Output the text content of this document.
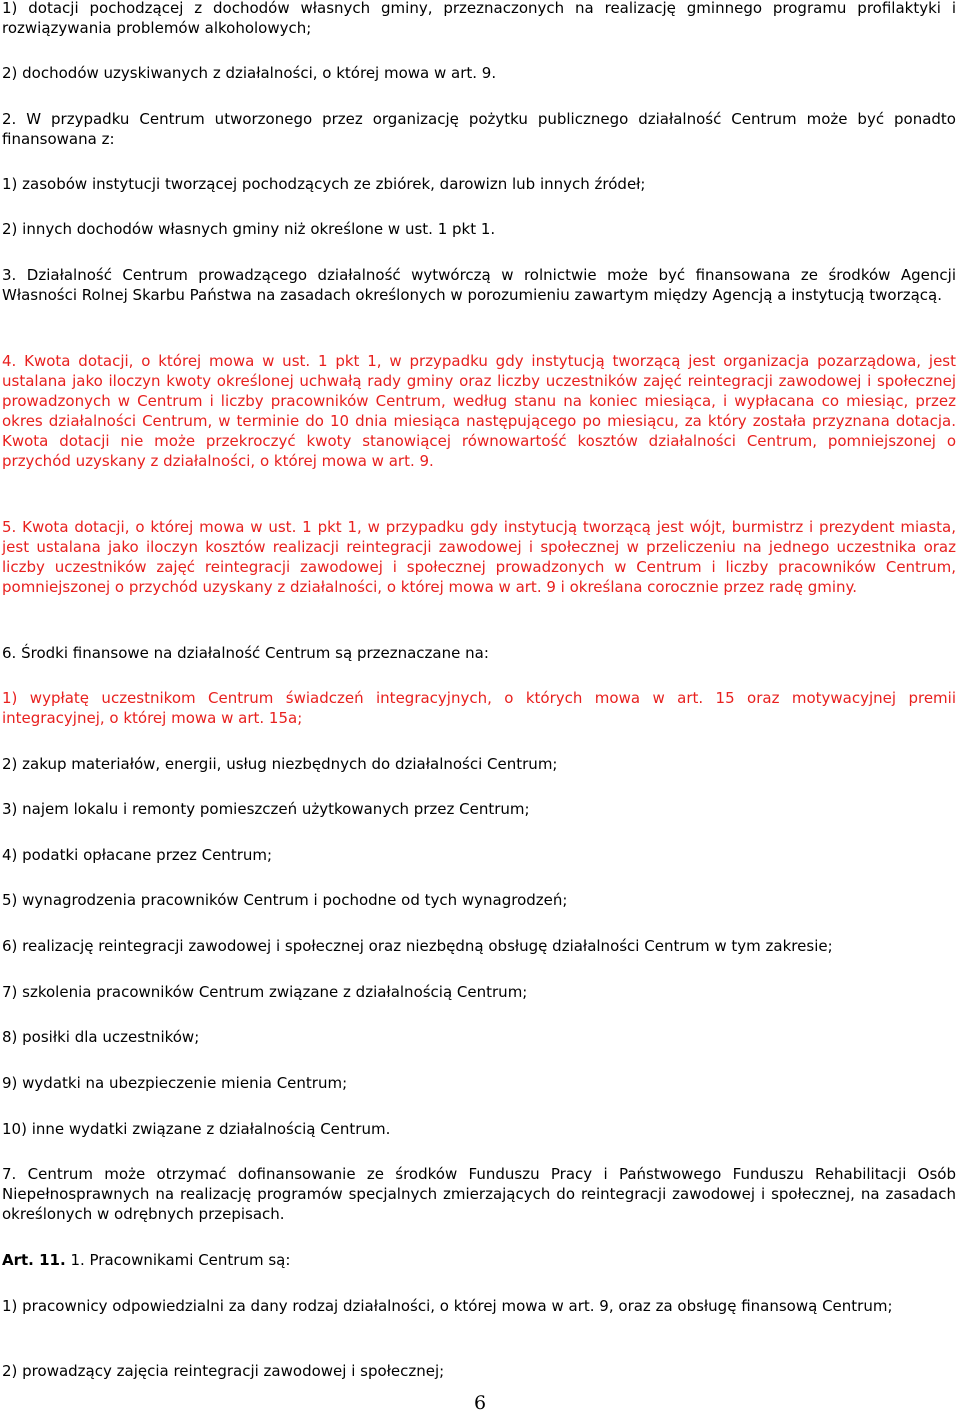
1) dotacji pochodzącej z dochodów własnych gminy, przeznaczonych na realizację gminnego programu profilaktyki i rozwiązywania problemów alkoholowych;

2) dochodów uzyskiwanych z działalności, o której mowa w art. 9.

2. W przypadku Centrum utworzonego przez organizację pożytku publicznego działalność Centrum może być ponadto finansowana z:

1) zasobów instytucji tworzącej pochodzących ze zbiórek, darowizn lub innych źródeł;

2) innych dochodów własnych gminy niż określone w ust. 1 pkt 1.

3. Działalność Centrum prowadzącego działalność wytwórczą w rolnictwie może być finansowana ze środków Agencji Własności Rolnej Skarbu Państwa na zasadach określonych w porozumieniu zawartym między Agencją a instytucją tworzącą.

4. Kwota dotacji, o której mowa w ust. 1 pkt 1, w przypadku gdy instytucją tworzącą jest organizacja pozarządowa, jest ustalana jako iloczyn kwoty określonej uchwałą rady gminy oraz liczby uczestników zajęć reintegracji zawodowej i społecznej prowadzonych w Centrum i liczby pracowników Centrum, według stanu na koniec miesiąca, i wypłacana co miesiąc, przez okres działalności Centrum, w terminie do 10 dnia miesiąca następującego po miesiącu, za który została przyznana dotacja. Kwota dotacji nie może przekroczyć kwoty stanowiącej równowartość kosztów działalności Centrum, pomniejszonej o przychód uzyskany z działalności, o której mowa w art. 9.

5. Kwota dotacji, o której mowa w ust. 1 pkt 1, w przypadku gdy instytucją tworzącą jest wójt, burmistrz i prezydent miasta, jest ustalana jako iloczyn kosztów realizacji reintegracji zawodowej i społecznej w przeliczeniu na jednego uczestnika oraz liczby uczestników zajęć reintegracji zawodowej i społecznej prowadzonych w Centrum i liczby pracowników Centrum, pomniejszonej o przychód uzyskany z działalności, o której mowa w art. 9 i określana corocznie przez radę gminy.

6. Środki finansowe na działalność Centrum są przeznaczane na:

1) wypłatę uczestnikom Centrum świadczeń integracyjnych, o których mowa w art. 15 oraz motywacyjnej premii integracyjnej, o której mowa w art. 15a;

2) zakup materiałów, energii, usług niezbędnych do działalności Centrum;

3) najem lokalu i remonty pomieszczeń użytkowanych przez Centrum;

4) podatki opłacane przez Centrum;

5) wynagrodzenia pracowników Centrum i pochodne od tych wynagrodzeń;

6) realizację reintegracji zawodowej i społecznej oraz niezbędną obsługę działalności Centrum w tym zakresie;

7) szkolenia pracowników Centrum związane z działalnością Centrum;

8) posiłki dla uczestników;

9) wydatki na ubezpieczenie mienia Centrum;

10) inne wydatki związane z działalnością Centrum.

7. Centrum może otrzymać dofinansowanie ze środków Funduszu Pracy i Państwowego Funduszu Rehabilitacji Osób Niepełnosprawnych na realizację programów specjalnych zmierzających do reintegracji zawodowej i społecznej, na zasadach określonych w odrębnych przepisach.

Art. 11. 1. Pracownikami Centrum są:

1) pracownicy odpowiedzialni za dany rodzaj działalności, o której mowa w art. 9, oraz za obsługę finansową Centrum;

2) prowadzący zajęcia reintegracji zawodowej i społecznej;

6
